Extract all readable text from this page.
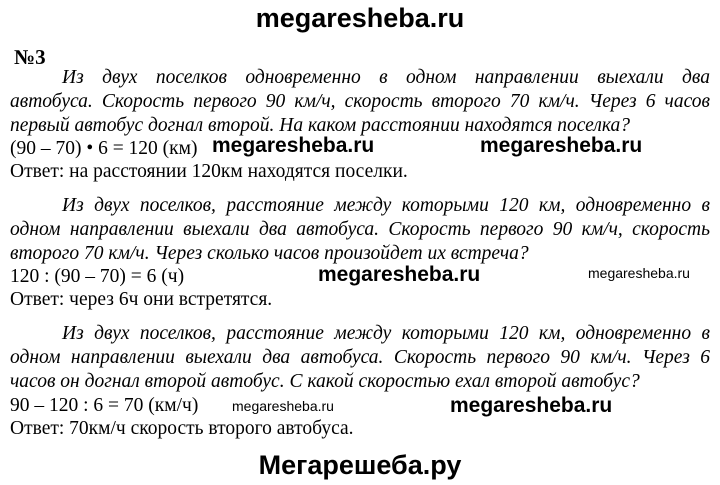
megaresheba.ru
№3
Из двух поселков одновременно в одном направлении выехали два
автобуса. Скорость первого 90 км/ч, скорость второго 70 км/ч. Через 6 часов
первый автобус догнал второй. На каком расстоянии находятся поселка?
(90 – 70) • 6 = 120 (км)
Ответ: на расстоянии 120км находятся поселки.
Из двух поселков, расстояние между которыми 120 км, одновременно в
одном направлении выехали два автобуса. Скорость первого 90 км/ч, скорость
второго 70 км/ч. Через сколько часов произойдет их встреча?
120 : (90 – 70) = 6 (ч)
Ответ: через 6ч они встретятся.
Из двух поселков, расстояние между которыми 120 км, одновременно в
одном направлении выехали два автобуса. Скорость первого 90 км/ч. Через 6
часов он догнал второй автобус. С какой скоростью ехал второй автобус?
90 – 120 : 6 = 70 (км/ч)
Ответ: 70км/ч скорость второго автобуса.
megaresheba.ru	megaresheba.ru
megaresheba.ru	megaresheba.ru
megaresheba.ru	megaresheba.ru
Мегарешеба.ру
